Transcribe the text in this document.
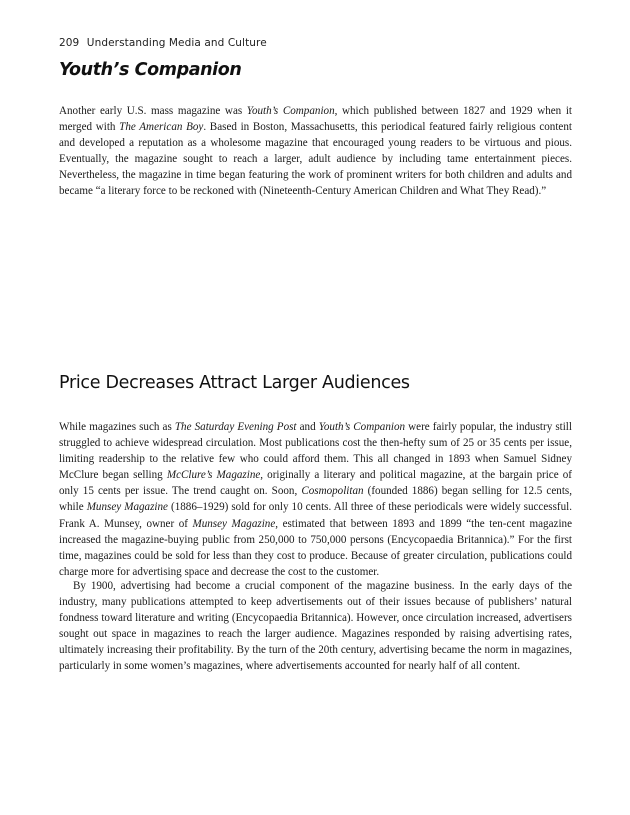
209 Understanding Media and Culture
Youth’s Companion

Another early U.S. mass magazine was Youth’s Companion, which published between 1827 and 1929 when it merged with The American Boy. Based in Boston, Massachusetts, this periodical featured fairly religious content and developed a reputation as a wholesome magazine that encouraged young readers to be virtuous and pious. Eventually, the magazine sought to reach a larger, adult audience by including tame entertainment pieces. Nevertheless, the magazine in time began featuring the work of prominent writers for both children and adults and became “a literary force to be reckoned with (Nineteenth-Century American Children and What They Read).”

Price Decreases Attract Larger Audiences

While magazines such as The Saturday Evening Post and Youth’s Companion were fairly popular, the industry still struggled to achieve widespread circulation. Most publications cost the then-hefty sum of 25 or 35 cents per issue, limiting readership to the relative few who could afford them. This all changed in 1893 when Samuel Sidney McClure began selling McClure’s Magazine, originally a literary and political magazine, at the bargain price of only 15 cents per issue. The trend caught on. Soon, Cosmopolitan (founded 1886) began selling for 12.5 cents, while Munsey Magazine (1886–1929) sold for only 10 cents. All three of these periodicals were widely successful. Frank A. Munsey, owner of Munsey Magazine, estimated that between 1893 and 1899 “the ten-cent magazine increased the magazine-buying public from 250,000 to 750,000 persons (Encycopaedia Britannica).” For the first time, magazines could be sold for less than they cost to produce. Because of greater circulation, publications could charge more for advertising space and decrease the cost to the customer.

By 1900, advertising had become a crucial component of the magazine business. In the early days of the industry, many publications attempted to keep advertisements out of their issues because of publishers’ natural fondness toward literature and writing (Encycopaedia Britannica). However, once circulation increased, advertisers sought out space in magazines to reach the larger audience. Magazines responded by raising advertising rates, ultimately increasing their profitability. By the turn of the 20th century, advertising became the norm in magazines, particularly in some women’s magazines, where advertisements accounted for nearly half of all content.
